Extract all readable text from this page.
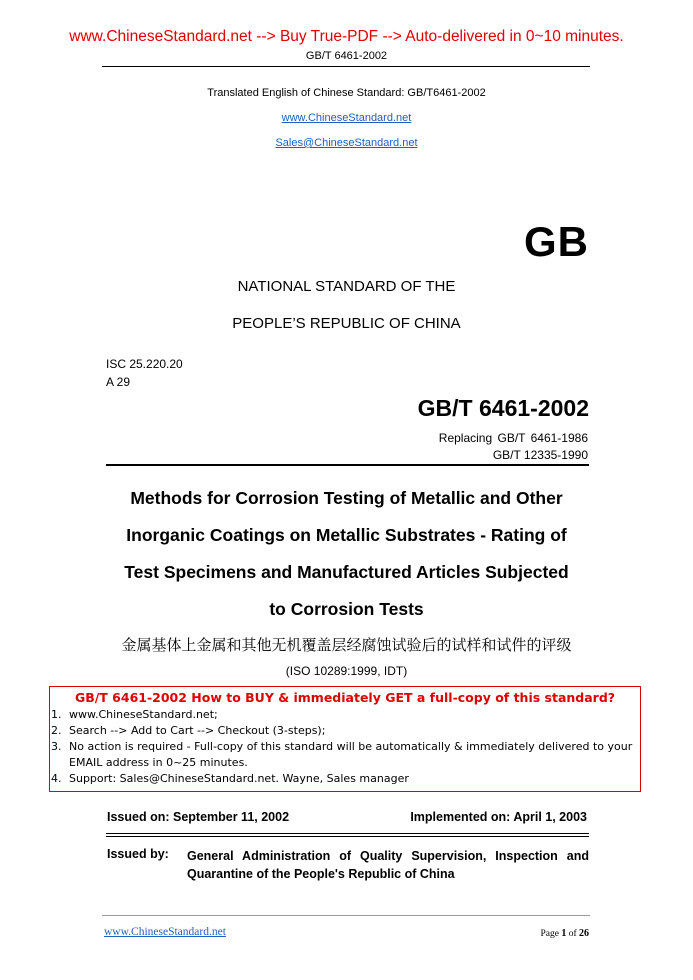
www.ChineseStandard.net --> Buy True-PDF --> Auto-delivered in 0~10 minutes.
GB/T 6461-2002
Translated English of Chinese Standard: GB/T6461-2002
www.ChineseStandard.net
Sales@ChineseStandard.net
GB
NATIONAL STANDARD OF THE
PEOPLE’S REPUBLIC OF CHINA
ISC 25.220.20
A 29
GB/T 6461-2002
Replacing GB/T 6461-1986
GB/T 12335-1990
Methods for Corrosion Testing of Metallic and Other
Inorganic Coatings on Metallic Substrates - Rating of
Test Specimens and Manufactured Articles Subjected
to Corrosion Tests
金属基体上金属和其他无机覆盖层经腐蚀试验后的试样和试件的评级
(ISO 10289:1999, IDT)
GB/T 6461-2002 How to BUY & immediately GET a full-copy of this standard?
1. www.ChineseStandard.net;
2. Search --> Add to Cart --> Checkout (3-steps);
3. No action is required - Full-copy of this standard will be automatically & immediately delivered to your EMAIL address in 0~25 minutes.
4. Support: Sales@ChineseStandard.net. Wayne, Sales manager
Issued on: September 11, 2002	Implemented on: April 1, 2003
Issued by: General Administration of Quality Supervision, Inspection and Quarantine of the People's Republic of China
www.ChineseStandard.net	Page 1 of 26
